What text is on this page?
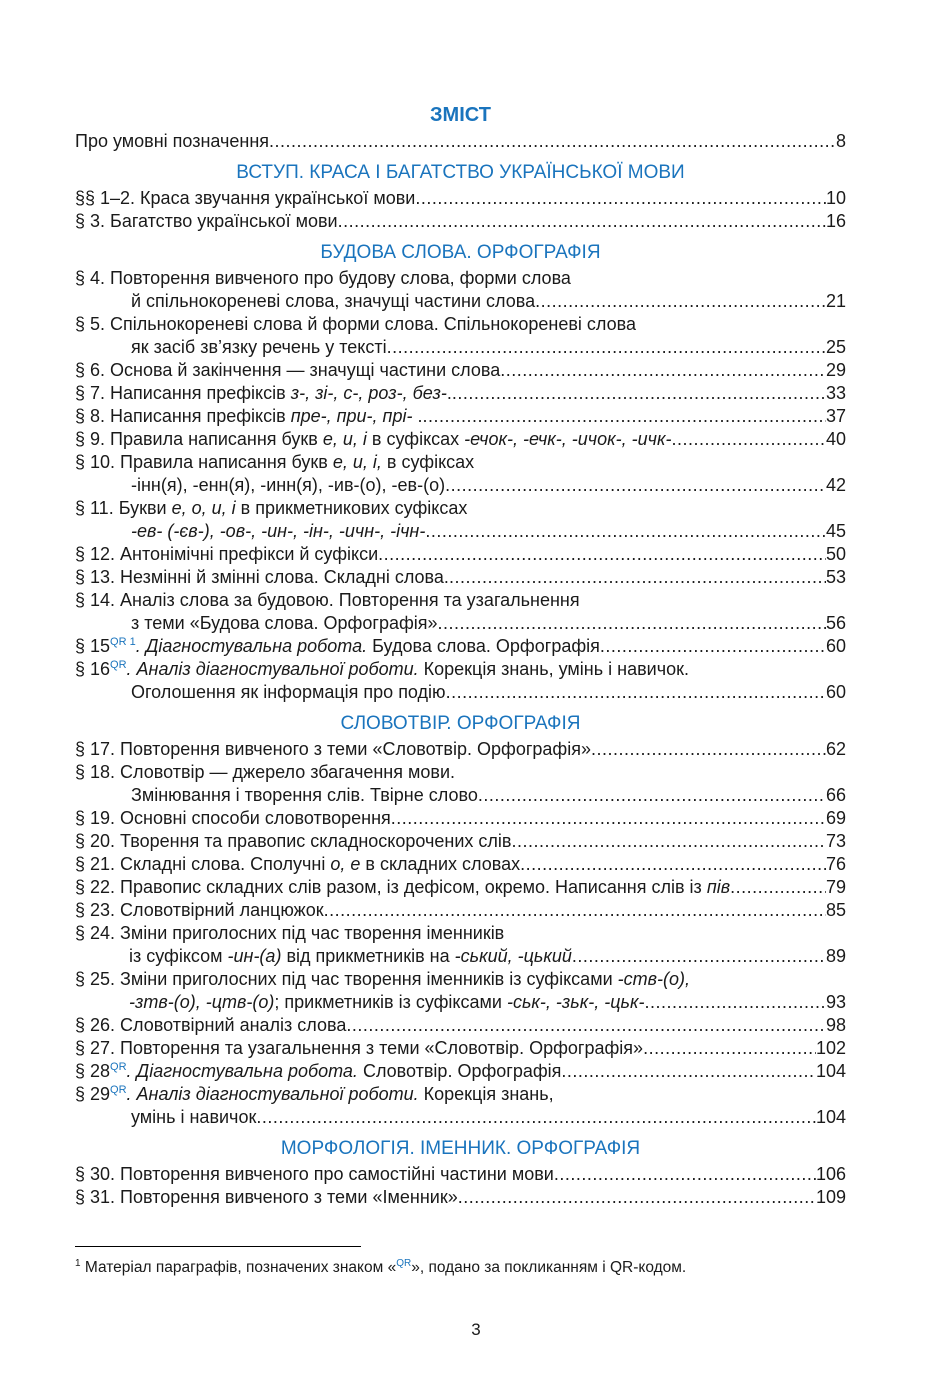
ЗМІСТ
Про умовні позначення .....	8
ВСТУП. КРАСА І БАГАТСТВО УКРАЇНСЬКОЇ МОВИ
§§ 1–2. Краса звучання української мови .....	10
§ 3. Багатство української мови .....	16
БУДОВА СЛОВА. ОРФОГРАФІЯ
§ 4. Повторення вивченого про будову слова, форми слова
й спільнокореневі слова, значущі частини слова .....	21
§ 5. Спільнокореневі слова й форми слова. Спільнокореневі слова
як засіб зв’язку речень у тексті .....	25
§ 6. Основа й закінчення — значущі частини слова .....	29
§ 7. Написання префіксів з-, зі-, с-, роз-, без-. .....	33
§ 8. Написання префіксів пре-, при-, прі- . .....	37
§ 9. Правила написання букв е, и, і в суфіксах -ечок-, -ечк-, -ичок-, -ичк- .....	40
§ 10. Правила написання букв е, и, і, в суфіксах
-інн(я), -енн(я), -инн(я), -ив-(о), -ев-(о) .....	42
§ 11. Букви е, о, и, і в прикметникових суфіксах
-ев- (-єв-), -ов-, -ин-, -ін-, -ичн-, -ічн- .....	45
§ 12. Антонімічні префікси й суфікси .....	50
§ 13. Незмінні й змінні слова. Складні слова. .....	53
§ 14. Аналіз слова за будовою. Повторення та узагальнення
з теми «Будова слова. Орфографія» .....	56
§ $15^{QR 1}$. Діагностувальна робота. Будова слова. Орфографія .....	60
§ $16^{QR}$. Аналіз діагностувальної роботи. Корекція знань, умінь і навичок.
Оголошення як інформація про подію .....	60
СЛОВОТВІР. ОРФОГРАФІЯ
§ 17. Повторення вивченого з теми «Словотвір. Орфографія» .....	62
§ 18. Словотвір — джерело збагачення мови.
Змінювання і творення слів. Твірне слово .....	66
§ 19. Основні способи словотворення .....	69
§ 20. Творення та правопис складноскорочених слів .....	73
§ 21. Складні слова. Сполучні о, е в складних словах .....	76
§ 22. Правопис складних слів разом, із дефісом, окремо. Написання слів із пів .....	79
§ 23. Словотвірний ланцюжок .....	85
§ 24. Зміни приголосних під час творення іменників
із суфіксом -ин-(а) від прикметників на -ський, -цький .....	89
§ 25. Зміни приголосних під час творення іменників із суфіксами -ств-(о),
-зтв-(о), -цтв-(о); прикметників із суфіксами -ськ-, -зьк-, -цьк- .....	93
§ 26. Словотвірний аналіз слова .....	98
§ 27. Повторення та узагальнення з теми «Словотвір. Орфографія» .....	102
§ $28^{QR}$. Діагностувальна робота. Словотвір. Орфографія .....	104
§ $29^{QR}$. Аналіз діагностувальної роботи. Корекція знань,
умінь і навичок .....	104
МОРФОЛОГІЯ. ІМЕННИК. ОРФОГРАФІЯ
§ 30. Повторення вивченого про самостійні частини мови .....	106
§ 31. Повторення вивченого з теми «Іменник» .....	109
$^1$ Матеріал параграфів, позначених знаком «$^{QR}$», подано за покликанням і QR-кодом.
3
